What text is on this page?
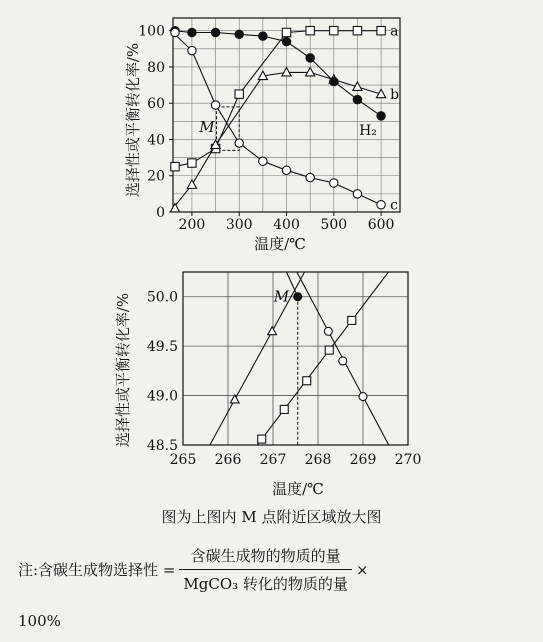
选择性或平衡转化率/%
温度/℃
200 300 400 500 600
0
20
40
60
80
100
M
a
b
H₂
c
选择性或平衡转化率/%
温度/℃
265 266 267 268 269 270
48.5
49.0
49.5
50.0	M
图为上图内 M 点附近区域放大图
注:含碳生成物选择性 = $\frac{\text{含碳生成物的物质的量}}{\text{MgCO₃ 转化的物质的量}}$ ×
100%
